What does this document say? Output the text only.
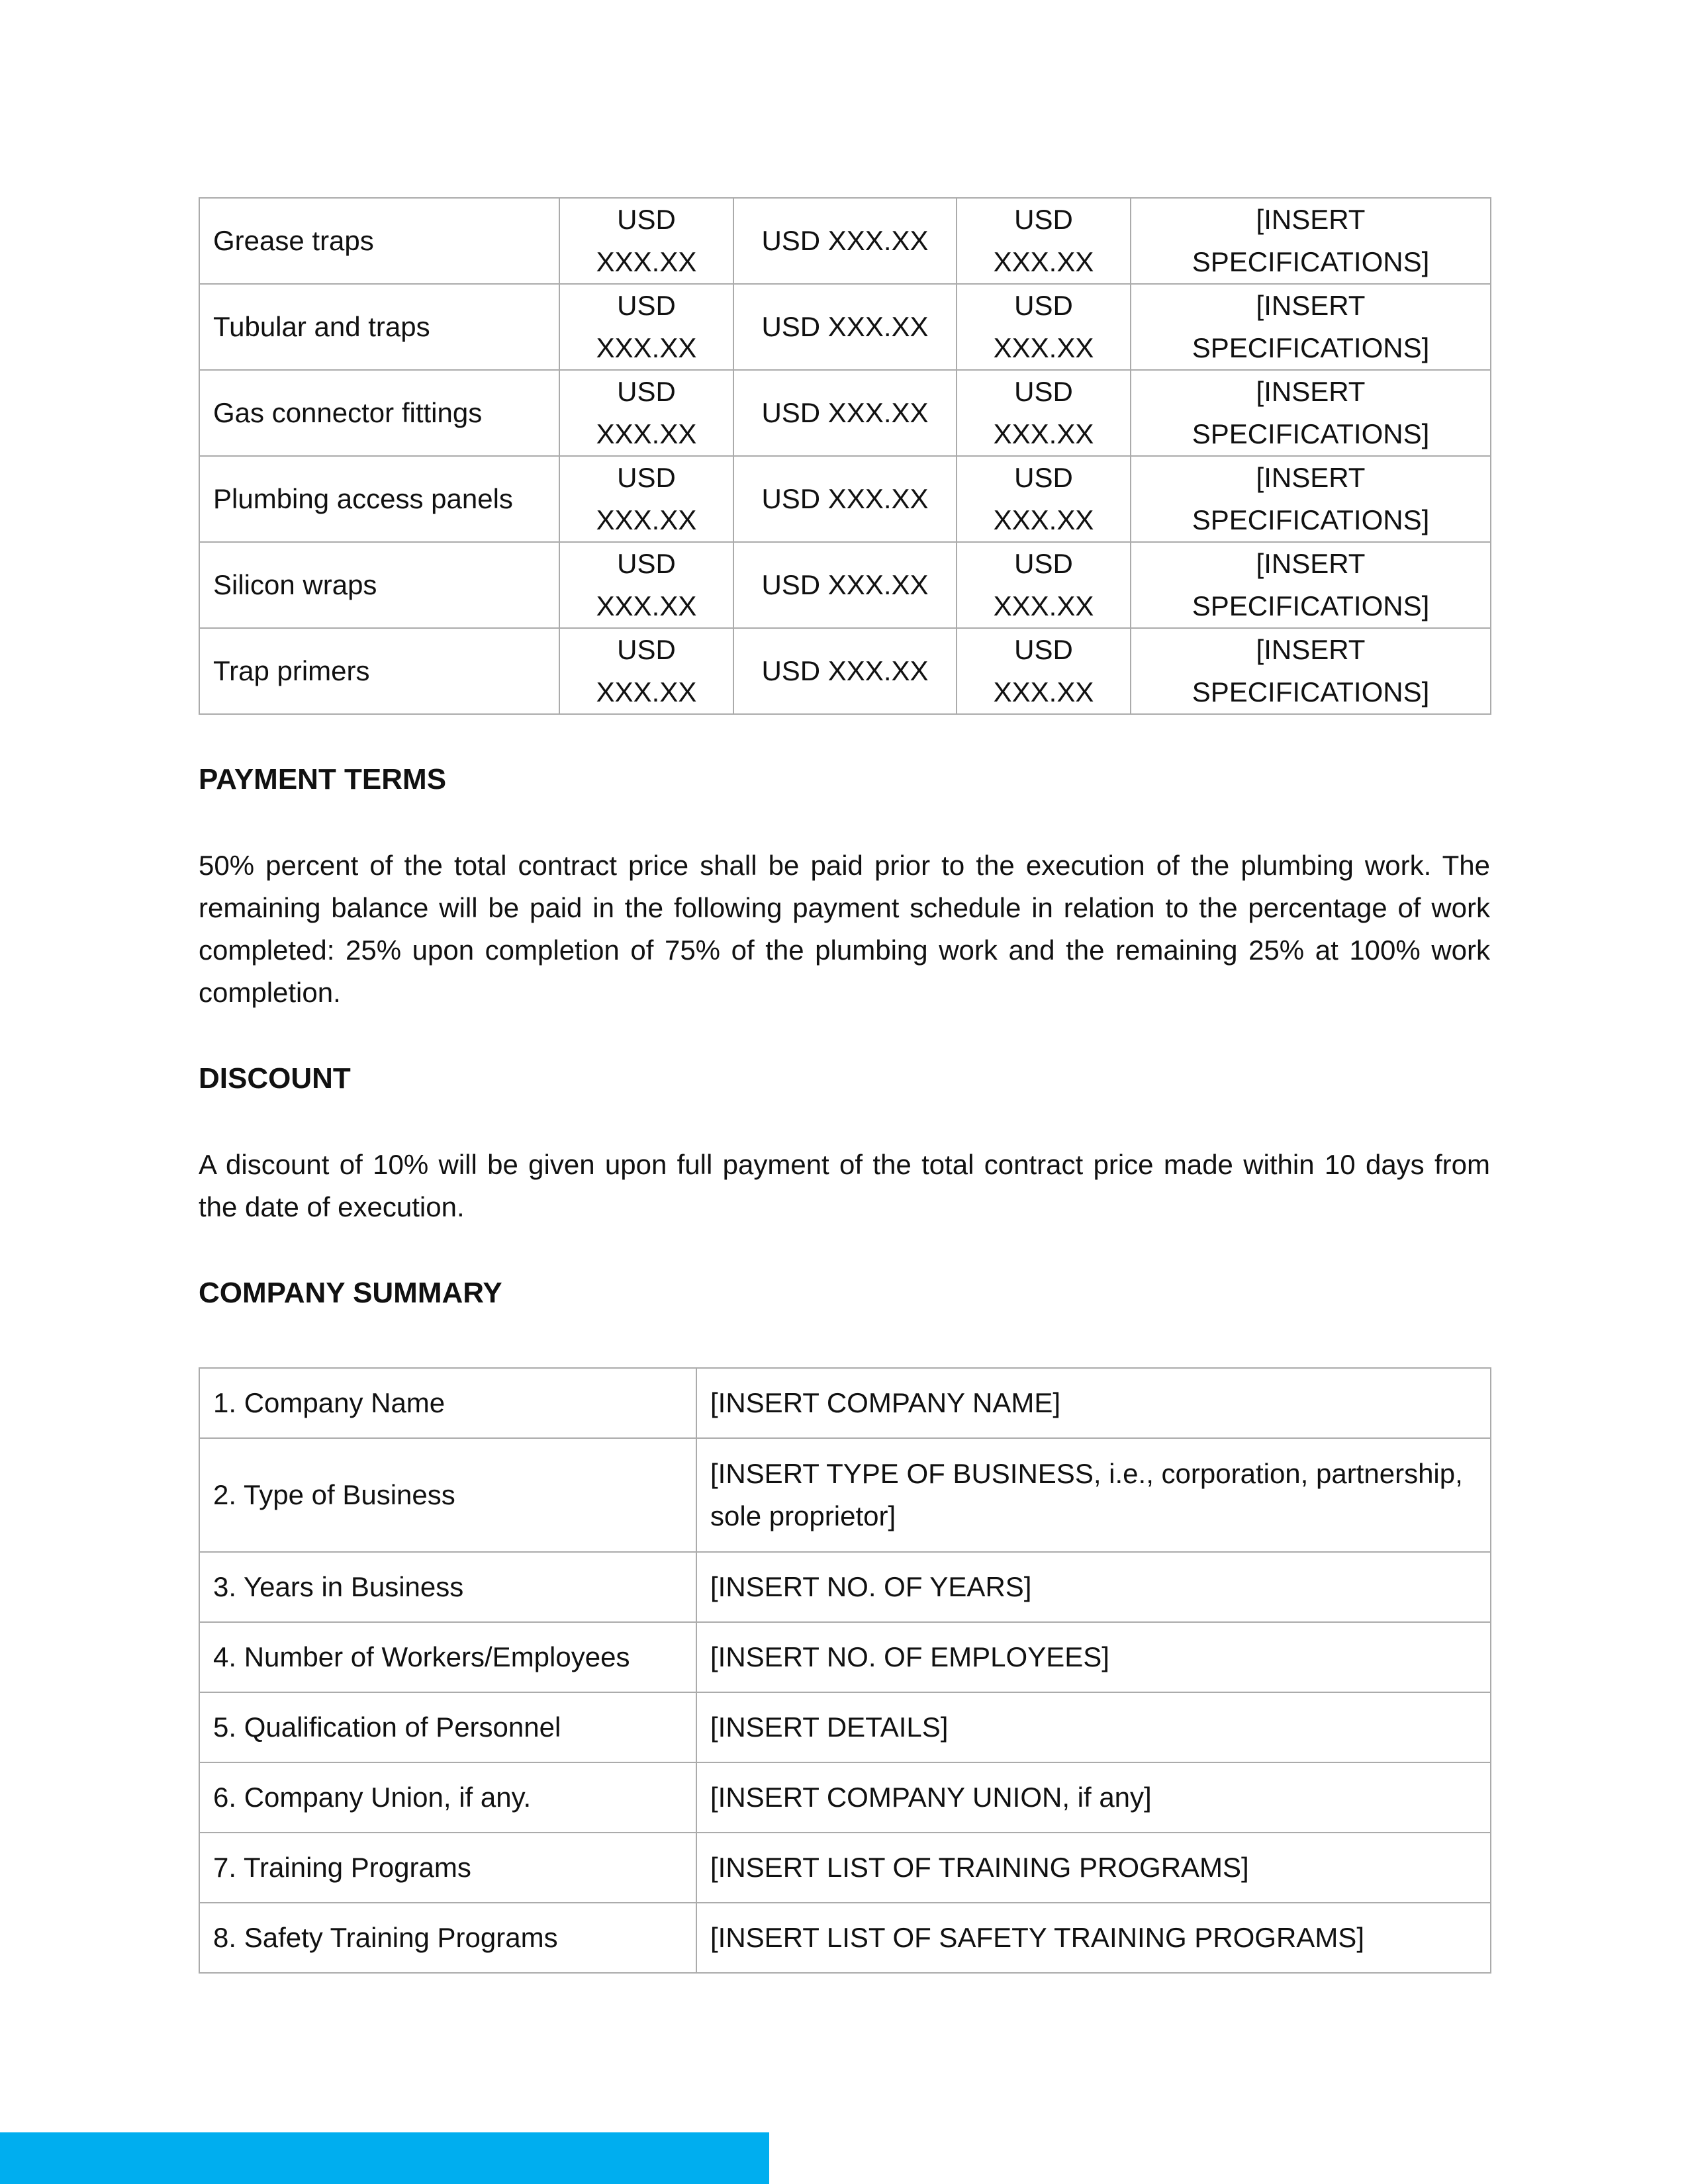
Grease traps	USD XXX.XX	USD XXX.XX	USD XXX.XX	[INSERT SPECIFICATIONS]
Tubular and traps	USD XXX.XX	USD XXX.XX	USD XXX.XX	[INSERT SPECIFICATIONS]
Gas connector fittings	USD XXX.XX	USD XXX.XX	USD XXX.XX	[INSERT SPECIFICATIONS]
Plumbing access panels	USD XXX.XX	USD XXX.XX	USD XXX.XX	[INSERT SPECIFICATIONS]
Silicon wraps	USD XXX.XX	USD XXX.XX	USD XXX.XX	[INSERT SPECIFICATIONS]
Trap primers	USD XXX.XX	USD XXX.XX	USD XXX.XX	[INSERT SPECIFICATIONS]
PAYMENT TERMS

50% percent of the total contract price shall be paid prior to the execution of the plumbing work. The remaining balance will be paid in the following payment schedule in relation to the percentage of work completed: 25% upon completion of 75% of the plumbing work and the remaining 25% at 100% work completion.

DISCOUNT

A discount of 10% will be given upon full payment of the total contract price made within 10 days from the date of execution.

COMPANY SUMMARY
1. Company Name	[INSERT COMPANY NAME]
2. Type of Business	[INSERT TYPE OF BUSINESS, i.e., corporation, partnership, sole proprietor]
3. Years in Business	[INSERT NO. OF YEARS]
4. Number of Workers/Employees	[INSERT NO. OF EMPLOYEES]
5. Qualification of Personnel	[INSERT DETAILS]
6. Company Union, if any.	[INSERT COMPANY UNION, if any]
7. Training Programs	[INSERT LIST OF TRAINING PROGRAMS]
8. Safety Training Programs	[INSERT LIST OF SAFETY TRAINING PROGRAMS]
